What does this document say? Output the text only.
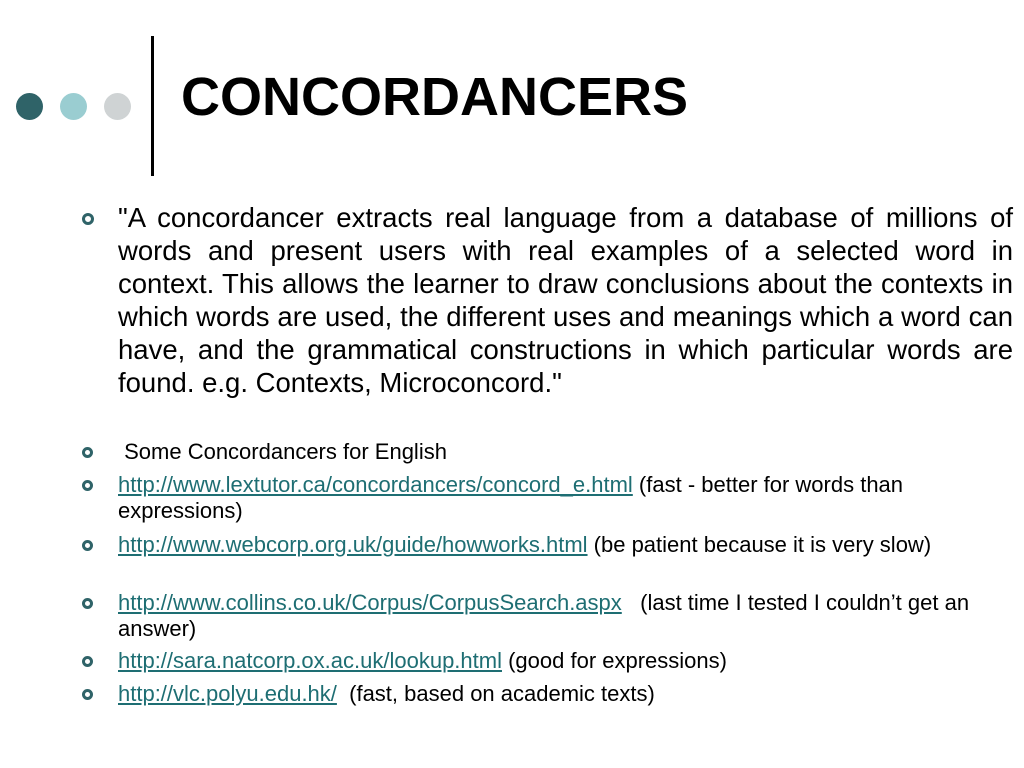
CONCORDANCERS
"A concordancer extracts real language from a database of millions of words and present users with real examples of a selected word in context. This allows the learner to draw conclusions about the contexts in which words are used, the different uses and meanings which a word can have, and the grammatical constructions in which particular words are found. e.g. Contexts, Microconcord."
Some Concordancers for English
http://www.lextutor.ca/concordancers/concord_e.html (fast - better for words than expressions)
http://www.webcorp.org.uk/guide/howworks.html (be patient because it is very slow)
http://www.collins.co.uk/Corpus/CorpusSearch.aspx   (last time I tested I couldn’t get an answer)
http://sara.natcorp.ox.ac.uk/lookup.html (good for expressions)
http://vlc.polyu.edu.hk/  (fast, based on academic texts)
